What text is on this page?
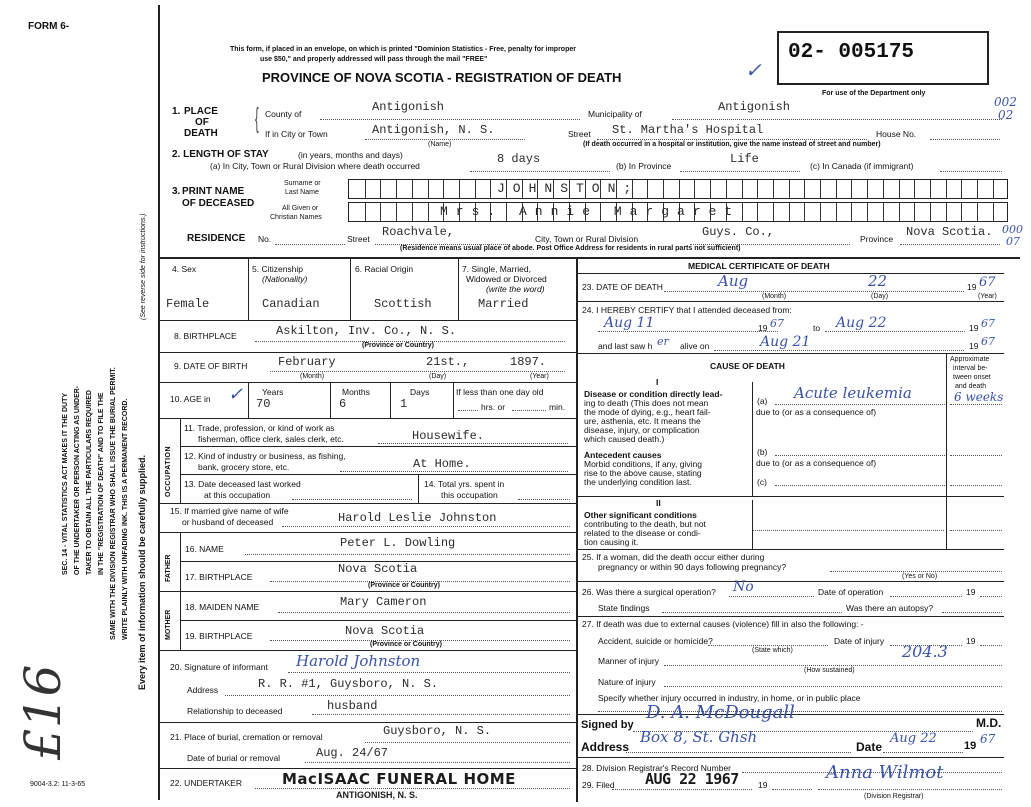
FORM 6-
This form, if placed in an envelope, on which is printed "Dominion Statistics - Free, penalty for improper
use $50," and properly addressed will pass through the mail "FREE"
PROVINCE OF NOVA SCOTIA - REGISTRATION OF DEATH
02- 005175
For use of the Department only
✓
002
02
000
07
SEC. 14 - VITAL STATISTICS ACT MAKES IT THE DUTY OF THE UNDERTAKER OR PERSON ACTING AS UNDER- TAKER TO OBTAIN ALL THE PARTICULARS REQUIRED IN THE "REGISTRATION OF DEATH" AND TO FILE THE SAME WITH THE DIVISION REGISTRAR WHO SHALL ISSUE THE BURIAL PERMIT. WRITE PLAINLY WITH UNFADING INK. THIS IS A PERMANENT RECORD. Every item of information should be carefully supplied.
(See reverse side for instructions.)
£16
1. PLACE
OF
DEATH
{ County of	Antigonish	Municipality of	Antigonish
If in City or Town	Antigonish, N. S.
(Name)
Street St. Martha's Hospital	House No.
(If death occurred in a hospital or institution, give the name instead of street and number)
2. LENGTH OF STAY	(in years, months and days)
(a) In City, Town or Rural Division where death occurred	8 days	(b) In Province	Life	(c) In Canada (if immigrant)
3. PRINT NAME
OF DECEASED
Surname or
Last Name
All Given or
Christian Names
JOHNSTON;
Mrs. Annie Margaret
RESIDENCE No.	Street Roachvale,	City, Town or Rural Division	Guys. Co.,	Province Nova Scotia.
(Residence means usual place of abode. Post Office Address for residents in rural parts not sufficient)
4. Sex
Female
5. Citizenship
(Nationality)
Canadian
6. Racial Origin
Scottish
7. Single, Married,
Widowed or Divorced
(write the word)
Married
8. BIRTHPLACE	Askilton, Inv. Co., N. S.
(Province or Country)
9. DATE OF BIRTH	February	21st.,	1897.
(Month)	(Day)	(Year)
10. AGE in ✓ Years
70
Months
6
Days
1
If less than one day old
hrs. or	min.
OCCUPATION
11. Trade, profession, or kind of work as
fisherman, office clerk, sales clerk, etc.	Housewife.
12. Kind of industry or business, as fishing,
bank, grocery store, etc.	At Home.
13. Date deceased last worked
at this occupation
14. Total yrs. spent in
this occupation
15. If married give name of wife
or husband of deceased	Harold Leslie Johnston
FATHER
16. NAME	Peter L. Dowling
17. BIRTHPLACE
Nova Scotia
(Province or Country)
MOTHER
18. MAIDEN NAME	Mary Cameron
19. BIRTHPLACE	Nova Scotia
(Province or Country)
20. Signature of informant Harold Johnston
Address	R. R. #1, Guysboro, N. S.
Relationship to deceased	husband
21. Place of burial, cremation or removal	Guysboro, N. S.
Date of burial or removal	Aug. 24/67
22. UNDERTAKER	MacISAAC FUNERAL HOME
ANTIGONISH, N. S.
9004-3.2: 11-3-65
MEDICAL CERTIFICATE OF DEATH
23. DATE OF DEATH	Aug	22	19 67
(Month)	(Day)	(Year)
24. I HEREBY CERTIFY that I attended deceased from:
Aug 11	19 67	to Aug 22	19 67
and last saw h er alive on	Aug 21	19 67
CAUSE OF DEATH
Approximate
interval be-
tween onset
and death
I
Disease or condition directly lead-
ing to death (This does not mean
the mode of dying, e.g., heart fail-
ure, asthenia, etc. It means the
disease, injury, or complication
which caused death.)
(a) Acute leukemia	6 weeks
due to (or as a consequence of)
Antecedent causes
Morbid conditions, if any, giving
rise to the above cause, stating
the underlying condition last.
(b)
due to (or as a consequence of)
(c)
II
Other significant conditions
contributing to the death, but not
related to the disease or condi-
tion causing it.
25. If a woman, did the death occur either during
pregnancy or within 90 days following pregnancy?
(Yes or No)
26. Was there a surgical operation? No	Date of operation	19
State findings	Was there an autopsy?
27. If death was due to external causes (violence) fill in also the following: -
Accident, suicide or homicide?
(State which)
Date of injury	19
Manner of injury	204.3
(How sustained)
Nature of injury
Specify whether injury occurred in industry, in home, or in public place
Signed by
D. A. McDougall	M.D.
Address
Box 8, St. Ghsh
Date
Aug 22 19 67
28. Division Registrar's Record Number
29. Filed AUG 22 1967 19
Anna Wilmot
(Division Registrar)
